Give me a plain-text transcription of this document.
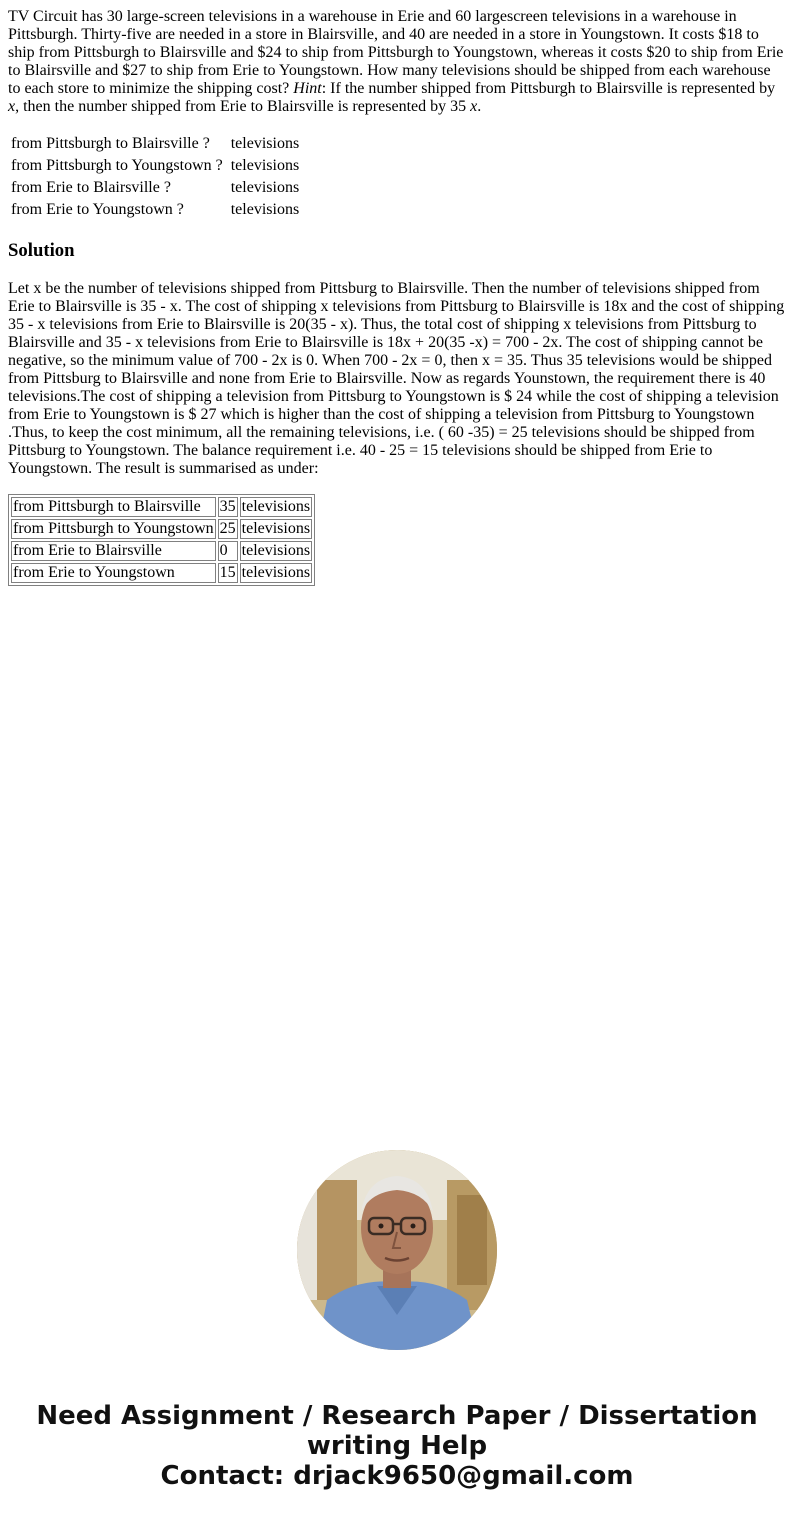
TV Circuit has 30 large-screen televisions in a warehouse in Erie and 60 largescreen televisions in a warehouse in Pittsburgh. Thirty-five are needed in a store in Blairsville, and 40 are needed in a store in Youngstown. It costs $18 to ship from Pittsburgh to Blairsville and $24 to ship from Pittsburgh to Youngstown, whereas it costs $20 to ship from Erie to Blairsville and $27 to ship from Erie to Youngstown. How many televisions should be shipped from each warehouse to each store to minimize the shipping cost? Hint: If the number shipped from Pittsburgh to Blairsville is represented by x, then the number shipped from Erie to Blairsville is represented by 35 x.

from Pittsburgh to Blairsville ?	televisions
from Pittsburgh to Youngstown ?	televisions
from Erie to Blairsville ?	televisions
from Erie to Youngstown ?	televisions
Solution

Let x be the number of televisions shipped from Pittsburg to Blairsville. Then the number of televisions shipped from Erie to Blairsville is 35 - x. The cost of shipping x televisions from Pittsburg to Blairsville is 18x and the cost of shipping 35 - x televisions from Erie to Blairsville is 20(35 - x). Thus, the total cost of shipping x televisions from Pittsburg to Blairsville and 35 - x televisions from Erie to Blairsville is 18x + 20(35 -x) = 700 - 2x. The cost of shipping cannot be negative, so the minimum value of 700 - 2x is 0. When 700 - 2x = 0, then x = 35. Thus 35 televisions would be shipped from Pittsburg to Blairsville and none from Erie to Blairsville. Now as regards Younstown, the requirement there is 40 televisions.The cost of shipping a television from Pittsburg to Youngstown is $ 24 while the cost of shipping a television from Erie to Youngstown is $ 27 which is higher than the cost of shipping a television from Pittsburg to Youngstown .Thus, to keep the cost minimum, all the remaining televisions, i.e. ( 60 -35) = 25 televisions should be shipped from Pittsburg to Youngstown. The balance requirement i.e. 40 - 25 = 15 televisions should be shipped from Erie to Youngstown. The result is summarised as under:

from Pittsburgh to Blairsville	35	televisions
from Pittsburgh to Youngstown	25	televisions
from Erie to Blairsville	0	televisions
from Erie to Youngstown	15	televisions
Need Assignment / Research Paper / Dissertation
writing Help
Contact: drjack9650@gmail.com
